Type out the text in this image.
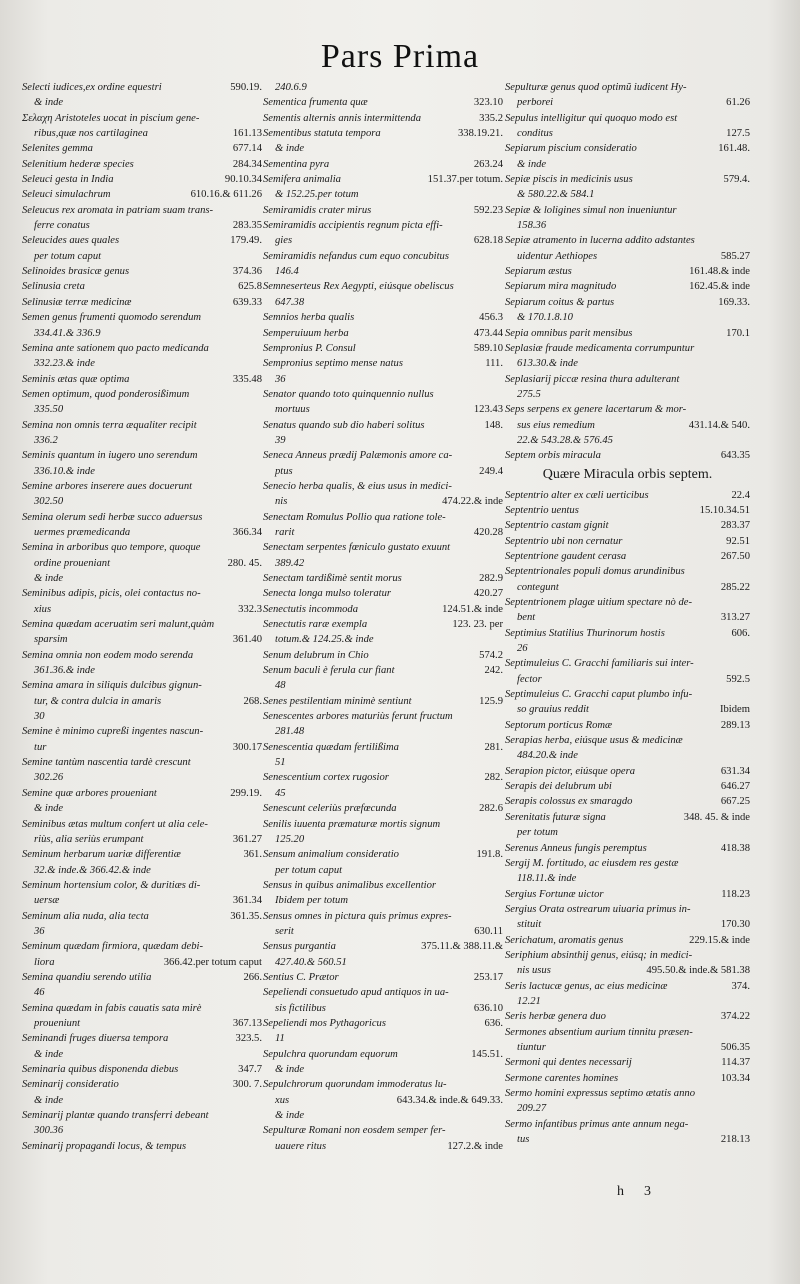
Pars Prima
590.19.
Selecti iudices,ex ordine equestri
& inde
Σελαχη Aristoteles uocat in piscium gene-
161.13
ribus,quæ nos cartilaginea
677.14
Selenites gemma
284.34
Selenitium hederæ species
90.10.34
Seleuci gesta in India
610.16.& 611.26
Seleuci simulachrum
Seleucus rex aromata in patriam suam trans-
283.35
ferre conatus
179.49.
Seleucides aues quales
per totum caput
374.36
Selinoides brasicæ genus
625.8
Selinusia creta
639.33
Selinusiæ terræ medicinæ
Semen genus frumenti quomodo serendum
334.41.& 336.9
Semina ante sationem quo pacto medicanda
332.23.& inde
335.48
Seminis ætas quæ optima
Semen optimum, quod ponderosißimum
335.50
Semina non omnis terra æqualiter recipit
336.2
Seminis quantum in iugero uno serendum
336.10.& inde
Semine arbores inserere aues docuerunt
302.50
Semina olerum sedi herbæ succo aduersus
366.34
uermes præmedicanda
Semina in arboribus quo tempore, quoque
280. 45.
ordine proueniant
& inde
Seminibus adipis, picis, olei contactus no-
332.3
xius
Semina quædam aceruatim seri malunt,quàm
361.40
sparsim
Semina omnia non eodem modo serenda
361.36.& inde
Semina amara in siliquis dulcibus gignun-
268.
tur, & contra dulcia in amaris
30
Semine è minimo cupreßi ingentes nascun-
300.17
tur
Semine tantùm nascentia tardè crescunt
302.26
299.19.
Semine quæ arbores proueniant
& inde
Seminibus ætas multum confert ut alia cele-
361.27
riùs, alia seriùs erumpant
361.
Seminum herbarum uariæ differentiæ
32.& inde.& 366.42.& inde
Seminum hortensium color, & duritiæs di-
361.34
uersæ
361.35.
Seminum alia nuda, alia tecta
36
Seminum quædam firmiora, quædam debi-
366.42.per totum caput
liora
266.
Semina quandiu serendo utilia
46
Semina quædam in fabis cauatis sata mirè
367.13
proueniunt
323.5.
Seminandi fruges diuersa tempora
& inde
347.7
Seminaria quibus disponenda diebus
300. 7.
Seminarij consideratio
& inde
Seminarij plantæ quando transferri debeant
300.36
Seminarij propagandi locus, & tempus
240.6.9
323.10
Sementica frumenta quæ
335.2
Sementis alternis annis intermittenda
338.19.21.
Sementibus statuta tempora
& inde
263.24
Sementina pyra
151.37.per totum.
Semifera animalia
& 152.25.per totum
592.23
Semiramidis crater mirus
Semiramidis accipientis regnum picta effi-
628.18
gies
Semiramidis nefandus cum equo concubitus
146.4
Semneserteus Rex Aegypti, eiúsque obeliscus
647.38
456.3
Semnios herba qualis
473.44
Semperuiuum herba
589.10
Sempronius P. Consul
111.
Sempronius septimo mense natus
36
Senator quando toto quinquennio nullus
123.43
mortuus
148.
Senatus quando sub dio haberi solitus
39
Seneca Anneus prædij Palæmonis amore ca-
249.4
ptus
Senecio herba qualis, & eius usus in medici-
474.22.& inde
nis
Senectam Romulus Pollio qua ratione tole-
420.28
rarit
Senectam serpentes fœniculo gustato exuunt
389.42
282.9
Senectam tardißimè sentit morus
420.27
Senecta longa mulso toleratur
124.51.& inde
Senectutis incommoda
123. 23. per
Senectutis raræ exempla
totum.& 124.25.& inde
574.2
Senum delubrum in Chio
242.
Senum baculi è ferula cur fiant
48
125.9
Senes pestilentiam minimè sentiunt
Senescentes arbores maturiùs ferunt fructum
281.48
281.
Senescentia quædam fertilißima
51
282.
Senescentium cortex rugosior
45
282.6
Senescunt celeriùs præfœcunda
Senilis iuuenta præmaturæ mortis signum
125.20
191.8.
Sensum animalium consideratio
per totum caput
Sensus in quibus animalibus excellentior
Ibidem per totum
Sensus omnes in pictura quis primus expres-
630.11
serit
375.11.& 388.11.&
Sensus purgantia
427.40.& 560.51
253.17
Sentius C. Prætor
Sepeliendi consuetudo apud antiquos in ua-
636.10
sis fictilibus
636.
Sepeliendi mos Pythagoricus
11
145.51.
Sepulchra quorundam equorum
& inde
Sepulchrorum quorundam immoderatus lu-
643.34.& inde.& 649.33.
xus
& inde
Sepulturæ Romani non eosdem semper fer-
127.2.& inde
uauere ritus
Sepulturæ genus quod optimũ iudicent Hy-
61.26
perborei
Sepulus intelligitur qui quoquo modo est
127.5
conditus
161.48.
Sepiarum piscium consideratio
& inde
579.4.
Sepiæ piscis in medicinis usus
& 580.22.& 584.1
Sepiæ & loligines simul non inueniuntur
158.36
Sepiæ atramento in lucerna addito adstantes
585.27
uidentur Aethiopes
161.48.& inde
Sepiarum æstus
162.45.& inde
Sepiarum mira magnitudo
169.33.
Sepiarum coitus & partus
& 170.1.8.10
170.1
Sepia omnibus parit mensibus
Seplasiæ fraude medicamenta corrumpuntur
613.30.& inde
Seplasiarij piccæ resina thura adulterant
275.5
Seps serpens ex genere lacertarum & mor-
431.14.& 540.
sus eius remedium
22.& 543.28.& 576.45
643.35
Septem orbis miracula
Quære Miracula orbis septem.
22.4
Septentrio alter ex cæli uerticibus
15.10.34.51
Septentrio uentus
283.37
Septentrio castam gignit
92.51
Septentrio ubi non cernatur
267.50
Septentrione gaudent cerasa
Septentrionales populi domus arundinibus
285.22
contegunt
Septentrionem plagæ uitium spectare nò de-
313.27
bent
606.
Septimius Statilius Thurinorum hostis
26
Septimuleius C. Gracchi familiaris sui inter-
592.5
fector
Septimuleius C. Gracchi caput plumbo infu-
Ibidem
so grauius reddit
289.13
Septorum porticus Romæ
Serapias herba, eiúsque usus & medicinæ
484.20.& inde
631.34
Serapion pictor, eiúsque opera
646.27
Serapis dei delubrum ubi
667.25
Serapis colossus ex smaragdo
348. 45. & inde
Serenitatis futuræ signa
per totum
418.38
Serenus Anneus fungis peremptus
Sergij M. fortitudo, ac eiusdem res gestæ
118.11.& inde
118.23
Sergius Fortunæ uictor
Sergius Orata ostrearum uiuaria primus in-
170.30
stituit
229.15.& inde
Serichatum, aromatis genus
Seriphium absinthij genus, eiúsq; in medici-
495.50.& inde.& 581.38
nis usus
374.
Seris lactucæ genus, ac eius medicinæ
12.21
374.22
Seris herbæ genera duo
Sermones absentium aurium tinnitu præsen-
506.35
tiuntur
114.37
Sermoni qui dentes necessarij
103.34
Sermone carentes homines
Sermo homini expressus septimo ætatis anno
209.27
Sermo infantibus primus ante annum nega-
218.13
tus
h 3
